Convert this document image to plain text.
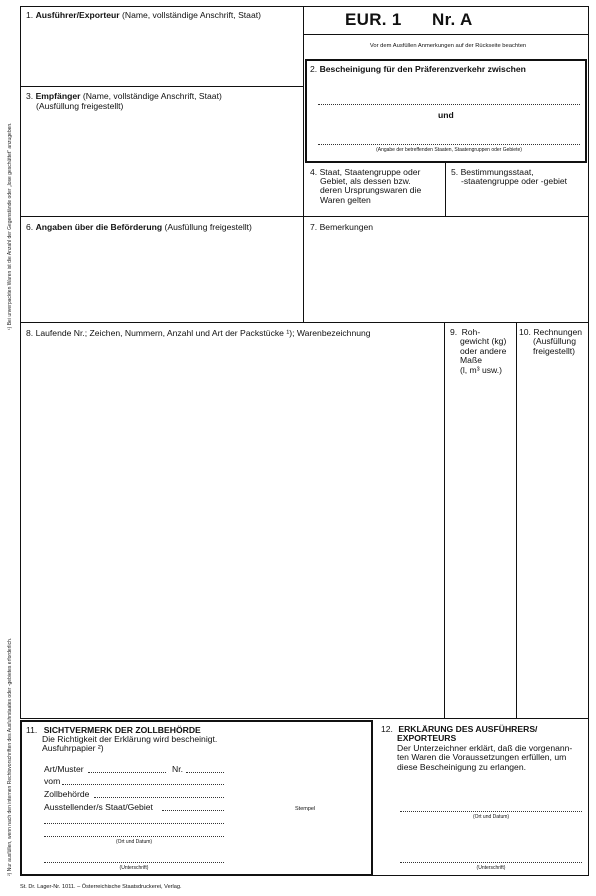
¹) Bei unverpackten Waren ist die Anzahl der Gegenstände oder „lose geschüttet" anzugeben.
²) Nur ausfüllen, wenn nach den internen Rechtsvorschriften des Ausfuhrstaates oder -gebietes erforderlich.
1. Ausführer/Exporteur (Name, vollständige Anschrift, Staat)	EUR. 1 Nr. A
Vor dem Ausfüllen Anmerkungen auf der Rückseite beachten
2. Bescheinigung für den Präferenzverkehr zwischen
und
(Angabe der betreffenden Staaten, Staatengruppen oder Gebiete)
3. Empfänger (Name, vollständige Anschrift, Staat)
(Ausfüllung freigestellt)
4. Staat, Staatengruppe oder
Gebiet, als dessen bzw.
deren Ursprungswaren die
Waren gelten
5. Bestimmungsstaat,
-staatengruppe oder -gebiet
6. Angaben über die Beförderung (Ausfüllung freigestellt)	7. Bemerkungen
8. Laufende Nr.; Zeichen, Nummern, Anzahl und Art der Packstücke ¹); Warenbezeichnung	9. Roh-
gewicht (kg)
oder andere
Maße
(l, m³ usw.)
10. Rechnungen
(Ausfüllung
freigestellt)
11. SICHTVERMERK DER ZOLLBEHÖRDE
Die Richtigkeit der Erklärung wird bescheinigt.
Ausfuhrpapier ²)
Art/Muster	Nr.
vom
Zollbehörde
Ausstellender/s Staat/Gebiet	Stempel
(Ort und Datum)
(Unterschrift)
12. ERKLÄRUNG DES AUSFÜHRERS/
EXPORTEURS
Der Unterzeichner erklärt, daß die vorgenann-
ten Waren die Voraussetzungen erfüllen, um
diese Bescheinigung zu erlangen.
(Ort und Datum)
(Unterschrift)
St. Dr. Lager-Nr. 1011. – Österreichische Staatsdruckerei, Verlag.
